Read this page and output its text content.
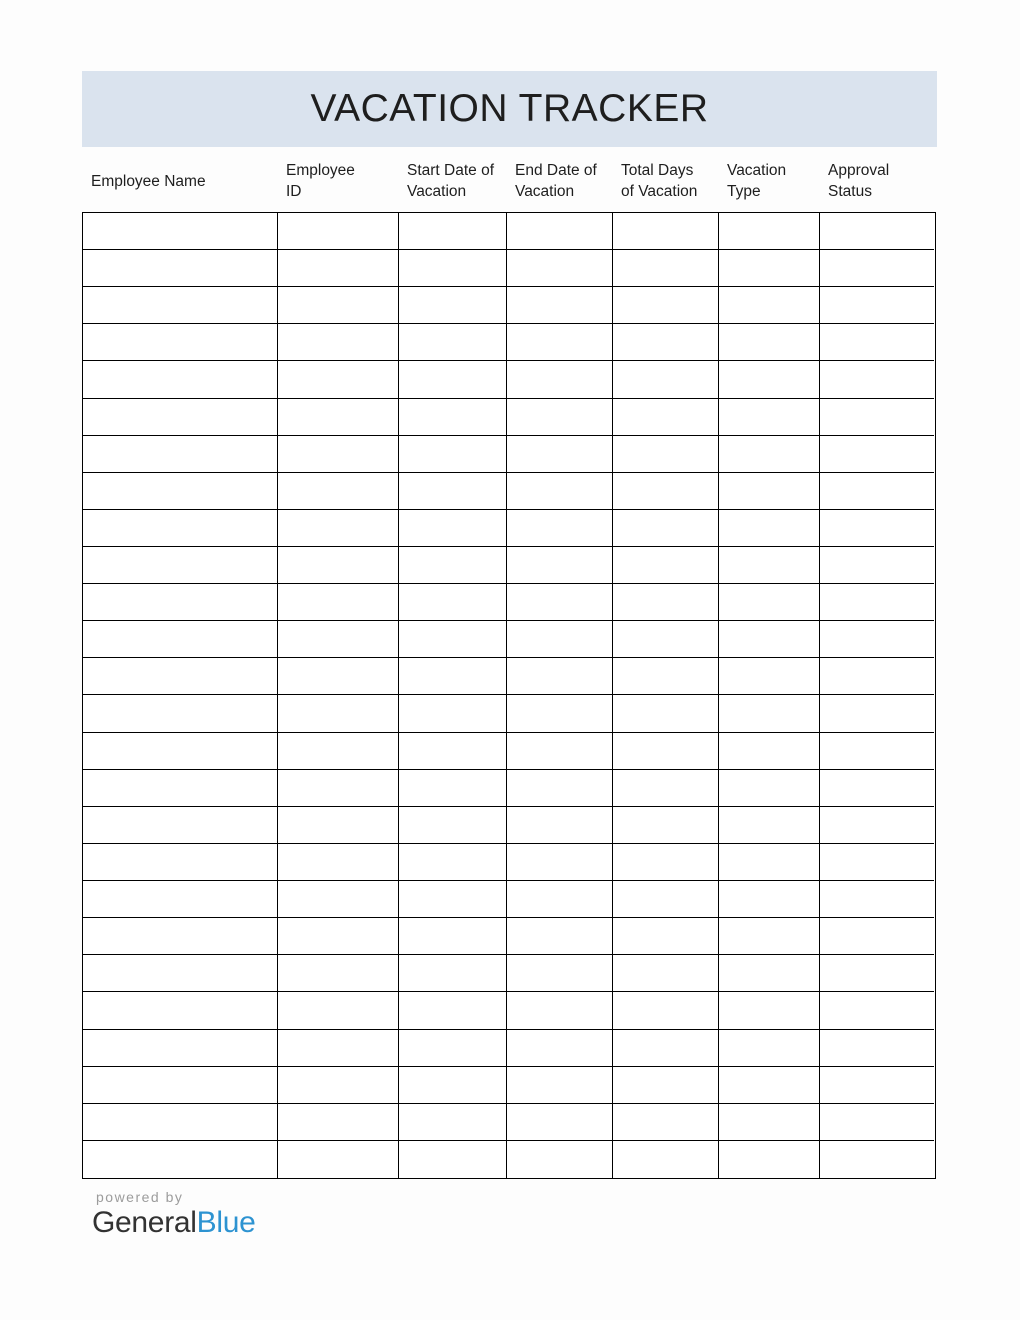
VACATION TRACKER
Employee Name
Employee
ID
Start Date of
Vacation
End Date of
Vacation
Total Days
of Vacation
Vacation
Type
Approval
Status
powered by
GeneralBlue
